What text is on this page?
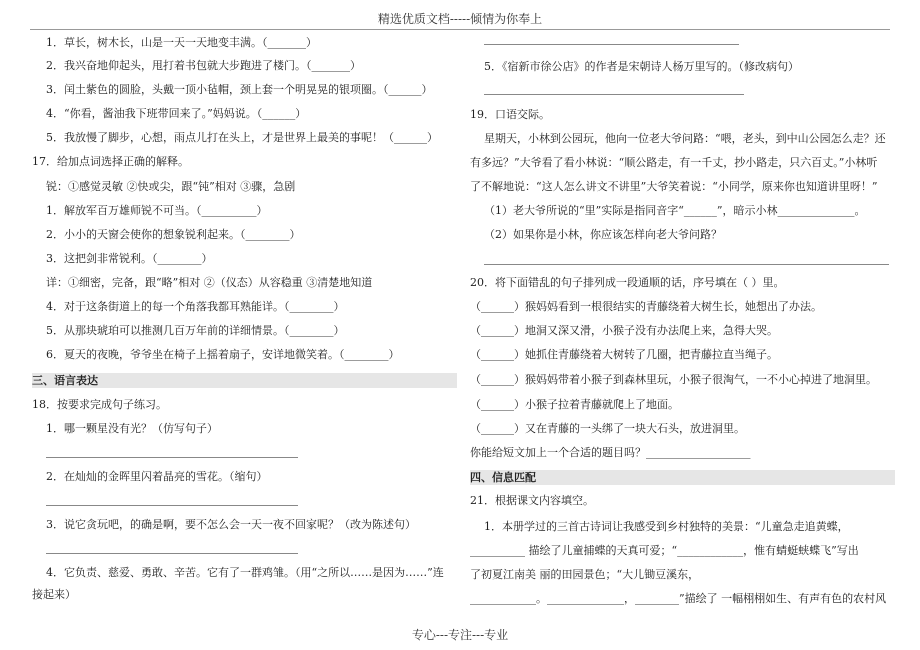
精选优质文档-----倾情为你奉上
1．草长，树木长，山是一天一天地变丰满。（_______）
2．我兴奋地仰起头，甩打着书包就大步跑进了楼门。（_______）
3．闰土紫色的圆脸，头戴一顶小毡帽，颈上套一个明晃晃的银项圈。（______）
4．“你看，酱油我下班带回来了。”妈妈说。（______）
5．我放慢了脚步，心想，雨点儿打在头上，才是世界上最美的事呢！（______）
17．给加点词选择正确的解释。
锐：①感觉灵敏 ②快或尖，跟“钝”相对 ③骤，急剧
1．解放军百万雄师锐不可当。（__________）
2．小小的天窗会使你的想象锐利起来。（________）
3．这把剑非常锐利。（________）
详：①细密，完备，跟“略”相对 ②（仪态）从容稳重 ③清楚地知道
4．对于这条街道上的每一个角落我都耳熟能详。（________）
5．从那块琥珀可以推测几百万年前的详细情景。（________）
6．夏天的夜晚，爷爷坐在椅子上摇着扇子，安详地微笑着。（________）
三、语言表达
18．按要求完成句子练习。
1．哪一颗星没有光？（仿写句子）
2．在灿灿的金晖里闪着晶亮的雪花。（缩句）
3．说它贪玩吧，的确是啊，要不怎么会一天一夜不回家呢？（改为陈述句）
4．它负责、慈爱、勇敢、辛苦。它有了一群鸡雏。（用“之所以……是因为……”连
接起来）
5．《宿新市徐公店》的作者是宋朝诗人杨万里写的。（修改病句）
19．口语交际。
星期天，小林到公园玩，他向一位老大爷问路：“喂，老头，到中山公园怎么走？还
有多远？”大爷看了看小林说：“顺公路走，有一千丈，抄小路走，只六百丈。”小林听
了不解地说：“这人怎么讲文不讲里”大爷笑着说：“小同学，原来你也知道讲里呀！”
（1）老大爷所说的“里”实际是指同音字“______”，暗示小林______________。
（2）如果你是小林，你应该怎样向老大爷问路？
20．将下面错乱的句子排列成一段通顺的话，序号填在（ ）里。
（______）猴妈妈看到一根很结实的青藤绕着大树生长，她想出了办法。
（______）地洞又深又滑，小猴子没有办法爬上来，急得大哭。
（______）她抓住青藤绕着大树转了几圈，把青藤拉直当绳子。
（______）猴妈妈带着小猴子到森林里玩，小猴子很淘气，一不小心掉进了地洞里。
（______）小猴子拉着青藤就爬上了地面。
（______）又在青藤的一头绑了一块大石头，放进洞里。
你能给短文加上一个合适的题目吗？___________________
四、信息匹配
21．根据课文内容填空。
1．本册学过的三首古诗词让我感受到乡村独特的美景：“儿童急走追黄蝶，
__________ 描绘了儿童捕蝶的天真可爱；“____________，惟有蜻蜓蛱蝶飞”写出
了初夏江南美 丽的田园景色；“大儿锄豆溪东，
____________。______________，________”描绘了 一幅栩栩如生、有声有色的农村风
专心---专注---专业
